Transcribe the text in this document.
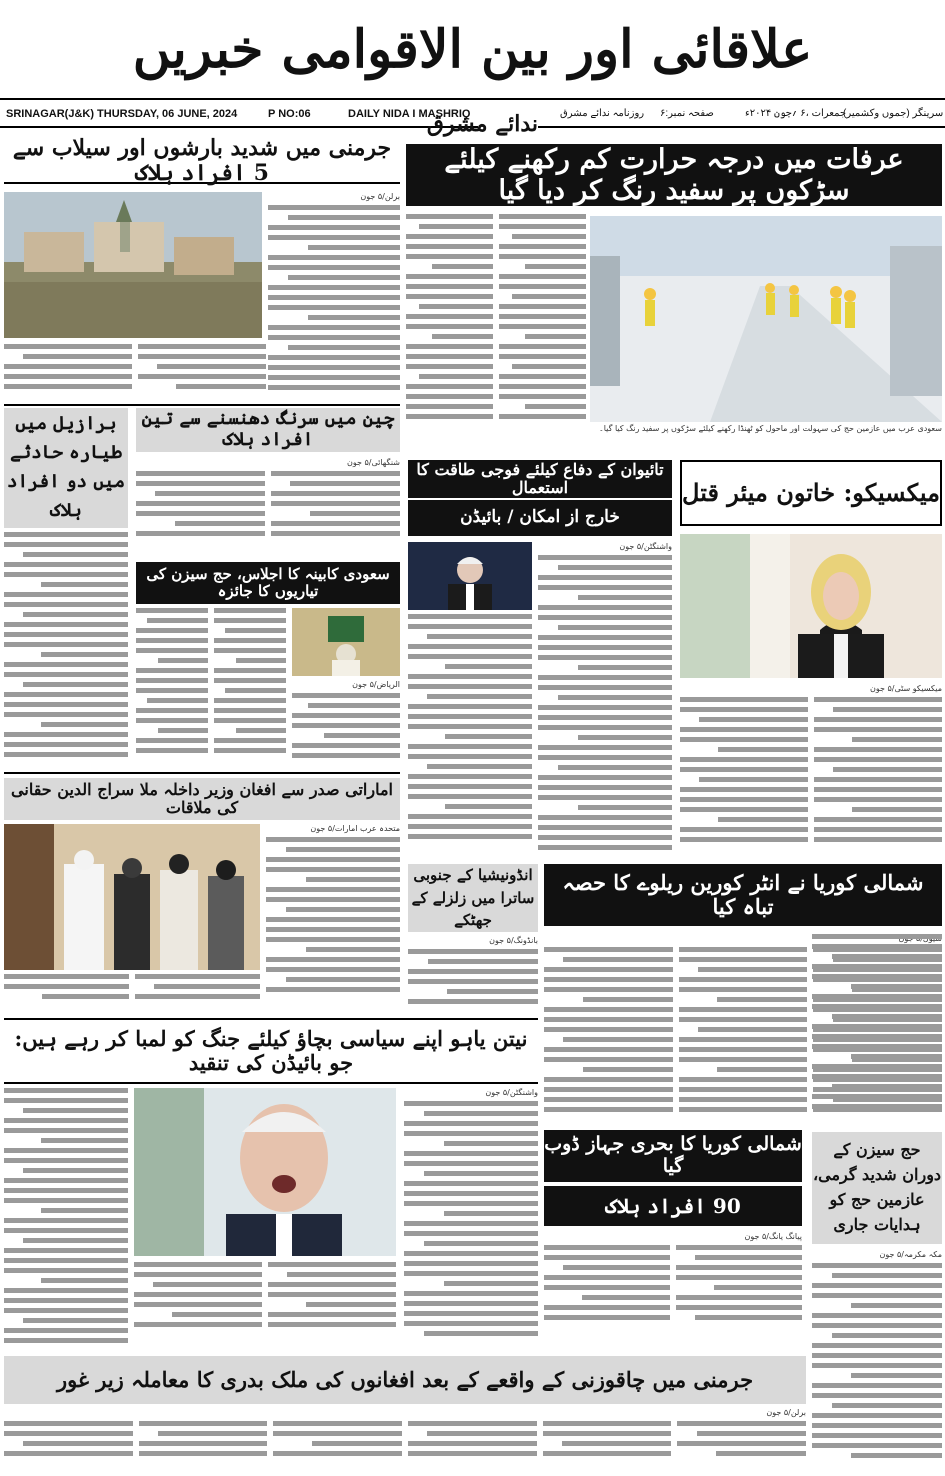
علاقائی اور بین الاقوامی خبریں
SRINAGAR(J&K) THURSDAY, 06 JUNE, 2024	P NO:06	DAILY NIDA I MASHRIQ
ندائے مشرق روزنامہ ندائے مشرق صفحہ نمبر:۶	جمعرات ،۶ ؍جون ۲۰۲۴ء
سرینگر (جموں وکشمیر)
عرفات میں درجہ حرارت کم رکھنے کیلئے سڑکوں پر سفید رنگ کر دیا گیا
سعودی عرب میں عازمین حج کی سہولت اور ماحول کو ٹھنڈا رکھنے کیلئے سڑکوں پر سفید رنگ کیا گیا۔
جرمنی میں شدید بارشوں اور سیلاب سے 5 افراد ہلاک
برلن/۵ جون
برازیل میں طیارہ حادثے میں دو افراد ہلاک
چین میں سرنگ دھنسنے سے تین افراد ہلاک
شنگھائی/۵ جون
سعودی کابینہ کا اجلاس، حج سیزن کی تیاریوں کا جائزہ
الریاض/۵ جون
تائیوان کے دفاع کیلئے فوجی طاقت کا استعمال
خارج از امکان / بائیڈن
واشنگٹن/۵ جون
میکسیکو: خاتون میئر قتل
میکسیکو سٹی/۵ جون
اماراتی صدر سے افغان وزیر داخلہ ملا سراج الدین حقانی کی ملاقات
متحدہ عرب امارات/۵ جون
انڈونیشیا کے جنوبی ساترا میں زلزلے کے جھٹکے
بانڈونگ/۵ جون
شمالی کوریا نے انٹر کورین ریلوے کا حصہ تباہ کیا
نیتن یاہو اپنے سیاسی بچاؤ کیلئے جنگ کو لمبا کر رہے ہیں: جو بائیڈن کی تنقید
واشنگٹن/۵ جون
شمالی کوریا کا بحری جہاز ڈوب گیا
90 افراد ہلاک
پیانگ یانگ/۵ جون
حج سیزن کے دوران شدید گرمی، عازمین حج کو ہدایات جاری
مکہ مکرمہ/۵ جون
جرمنی میں چاقوزنی کے واقعے کے بعد افغانوں کی ملک بدری کا معاملہ زیر غور
برلن/۵ جون
